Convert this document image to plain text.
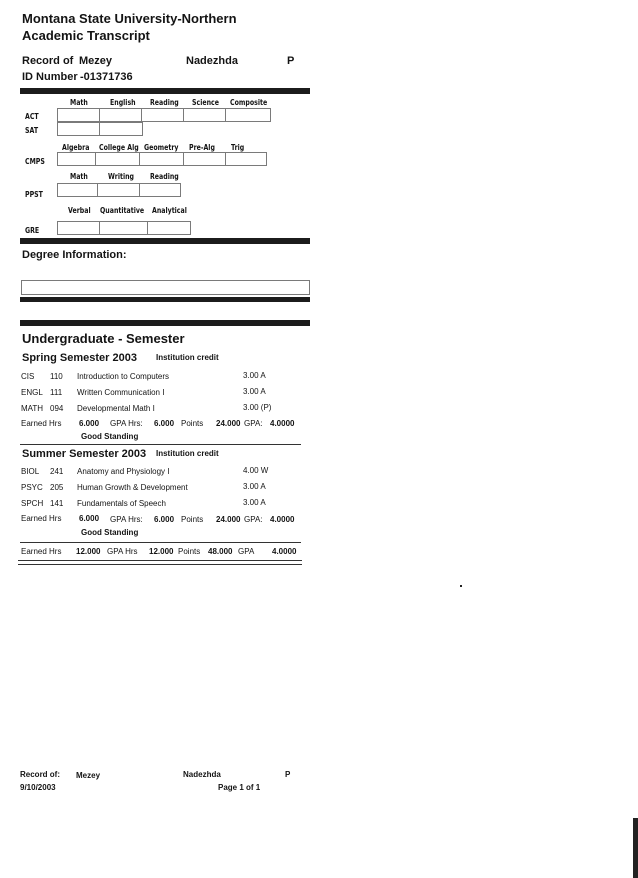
Montana State University-Northern
Academic Transcript
Record of Mezey	Nadezhda	P
ID Number -01371736
Math	English Reading Science Composite
ACT
SAT
Algebra College Alg Geometry Pre-Alg Trig
CMPS
Math	Writing Reading
PPST
Verbal Quantitative Analytical
GRE
Degree Information:
Undergraduate - Semester
Spring Semester 2003 Institution credit
CIS 110 Introduction to Computers	3.00 A
ENGL 111 Written Communication I	3.00 A
MATH 094 Developmental Math I	3.00 (P)
Earned Hrs 6.000 GPA Hrs: 6.000 Points 24.000 GPA: 4.0000
Good Standing
Summer Semester 2003 Institution credit
BIOL 241 Anatomy and Physiology I	4.00 W
PSYC 205 Human Growth & Development	3.00 A
SPCH 141 Fundamentals of Speech	3.00 A
Earned Hrs 6.000 GPA Hrs: 6.000 Points 24.000 GPA: 4.0000
Good Standing
Earned Hrs 12.000 GPA Hrs 12.000 Points 48.000 GPA 4.0000
Record of: Mezey	Nadezhda	P
9/10/2003	Page 1 of 1
